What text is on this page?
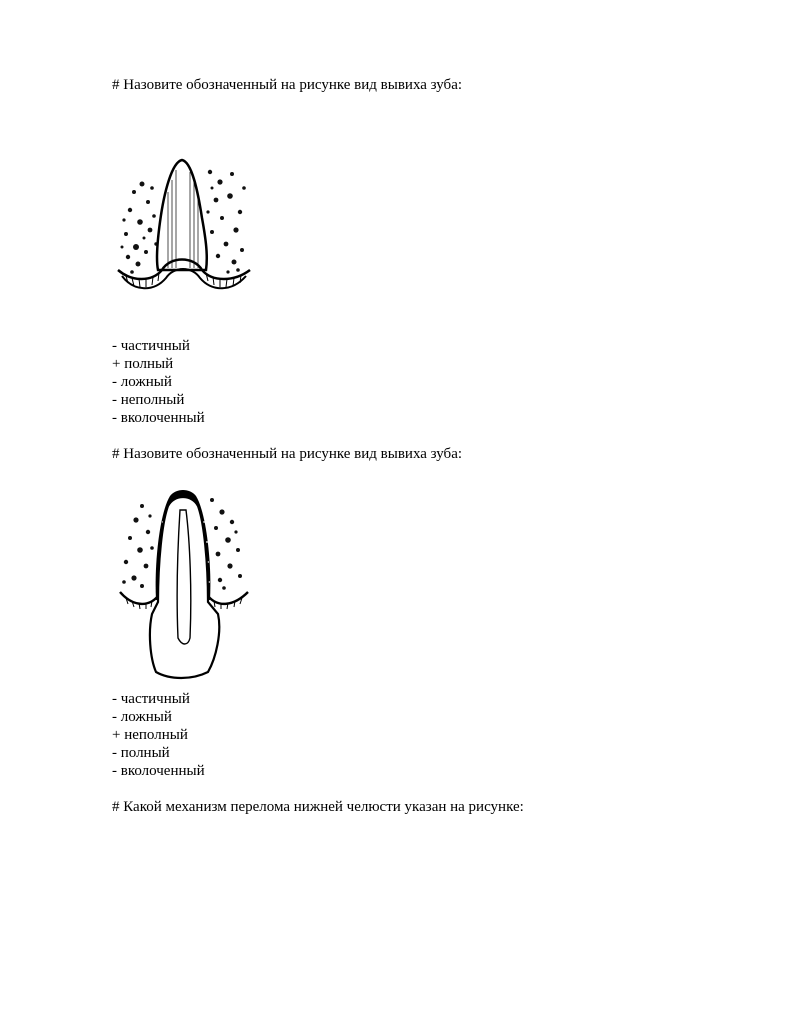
# Назовите обозначенный на рисунке вид вывиха зуба:
- частичный
+ полный
- ложный
- неполный
- вколоченный
# Назовите обозначенный на рисунке вид вывиха зуба:
- частичный
- ложный
+ неполный
- полный
- вколоченный
# Какой механизм перелома нижней челюсти указан на рисунке:
